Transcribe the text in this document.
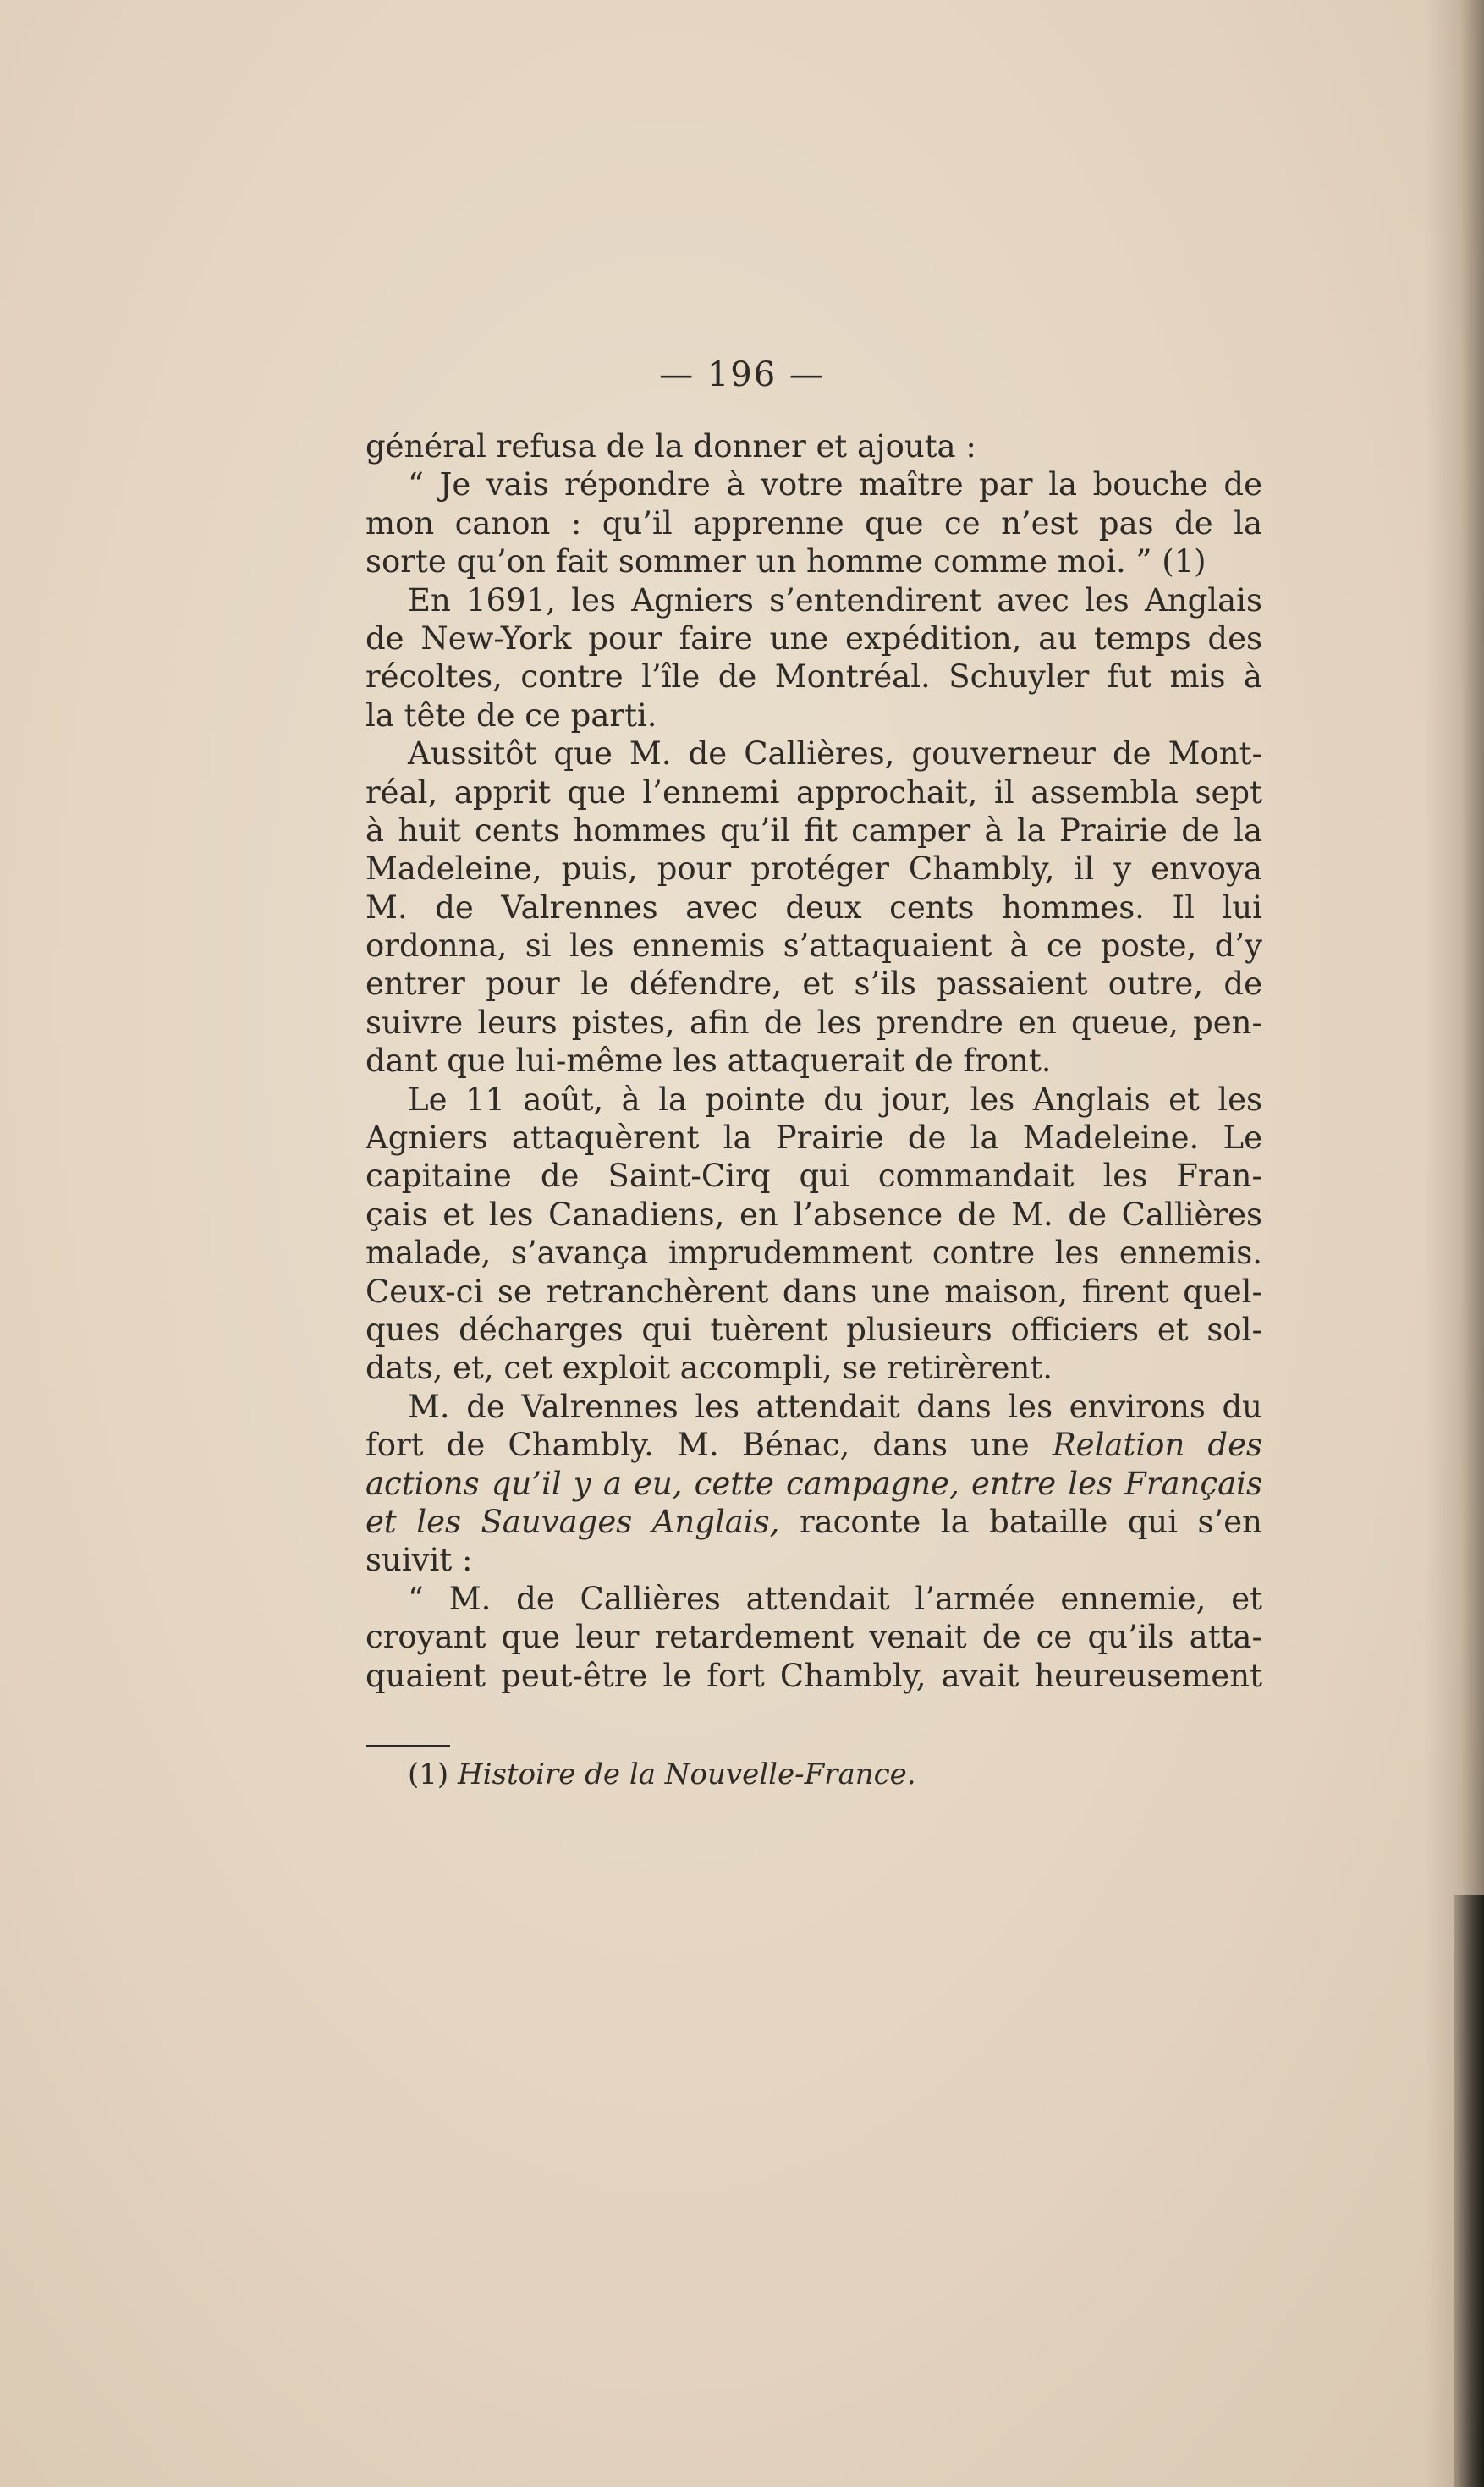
— 196 —
général refusa de la donner et ajouta :
“ Je vais répondre à votre maître par la bouche de
mon canon : qu’il apprenne que ce n’est pas de la
sorte qu’on fait sommer un homme comme moi. ” (1)
En 1691, les Agniers s’entendirent avec les Anglais
de New-York pour faire une expédition, au temps des
récoltes, contre l’île de Montréal. Schuyler fut mis à
la tête de ce parti.
Aussitôt que M. de Callières, gouverneur de Mont-
réal, apprit que l’ennemi approchait, il assembla sept
à huit cents hommes qu’il fit camper à la Prairie de la
Madeleine, puis, pour protéger Chambly, il y envoya
M. de Valrennes avec deux cents hommes. Il lui
ordonna, si les ennemis s’attaquaient à ce poste, d’y
entrer pour le défendre, et s’ils passaient outre, de
suivre leurs pistes, afin de les prendre en queue, pen-
dant que lui-même les attaquerait de front.
Le 11 août, à la pointe du jour, les Anglais et les
Agniers attaquèrent la Prairie de la Madeleine. Le
capitaine de Saint-Cirq qui commandait les Fran-
çais et les Canadiens, en l’absence de M. de Callières
malade, s’avança imprudemment contre les ennemis.
Ceux-ci se retranchèrent dans une maison, firent quel-
ques décharges qui tuèrent plusieurs officiers et sol-
dats, et, cet exploit accompli, se retirèrent.
M. de Valrennes les attendait dans les environs du
fort de Chambly. M. Bénac, dans une Relation des
actions qu’il y a eu, cette campagne, entre les Français
et les Sauvages Anglais, raconte la bataille qui s’en
suivit :
“ M. de Callières attendait l’armée ennemie, et
croyant que leur retardement venait de ce qu’ils atta-
quaient peut-être le fort Chambly, avait heureusement
(1) Histoire de la Nouvelle-France.
